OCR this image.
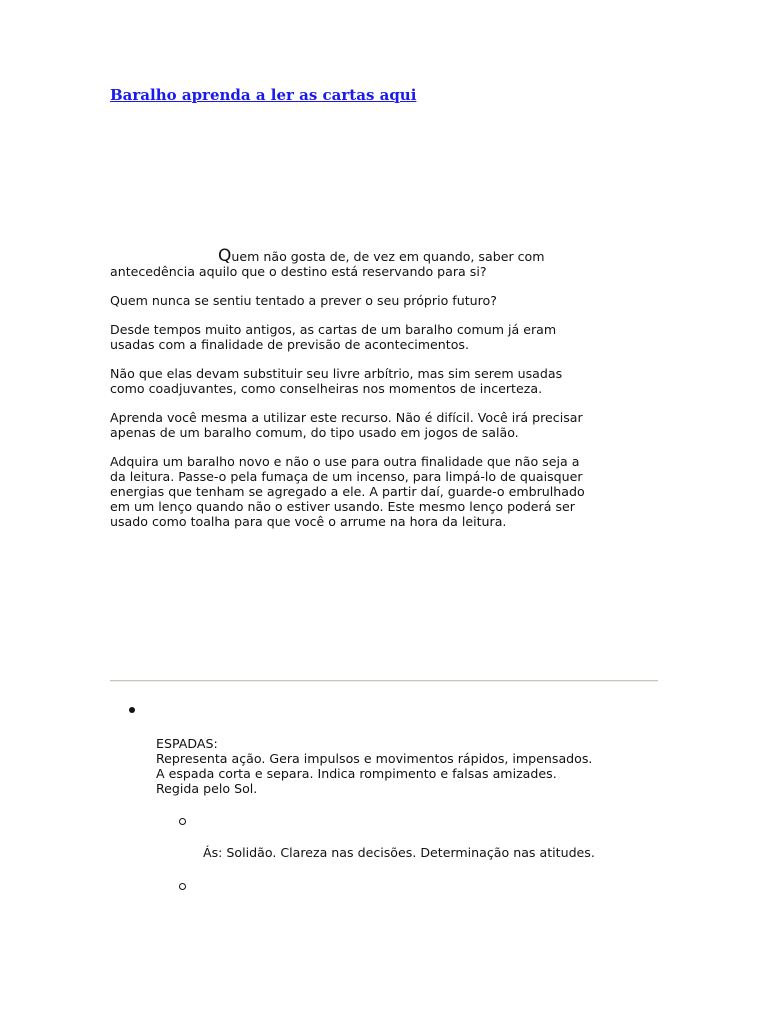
Baralho aprenda a ler as cartas aqui

Quem não gosta de, de vez em quando, saber com
antecedência aquilo que o destino está reservando para si?

Quem nunca se sentiu tentado a prever o seu próprio futuro?

Desde tempos muito antigos, as cartas de um baralho comum já eram
usadas com a finalidade de previsão de acontecimentos.

Não que elas devam substituir seu livre arbítrio, mas sim serem usadas
como coadjuvantes, como conselheiras nos momentos de incerteza.

Aprenda você mesma a utilizar este recurso. Não é difícil. Você irá precisar
apenas de um baralho comum, do tipo usado em jogos de salão.

Adquira um baralho novo e não o use para outra finalidade que não seja a
da leitura. Passe-o pela fumaça de um incenso, para limpá-lo de quaisquer
energias que tenham se agregado a ele. A partir daí, guarde-o embrulhado
em um lenço quando não o estiver usando. Este mesmo lenço poderá ser
usado como toalha para que você o arrume na hora da leitura.

ESPADAS:
Representa ação. Gera impulsos e movimentos rápidos, impensados.
A espada corta e separa. Indica rompimento e falsas amizades.
Regida pelo Sol.
Ás: Solidão. Clareza nas decisões. Determinação nas atitudes.
